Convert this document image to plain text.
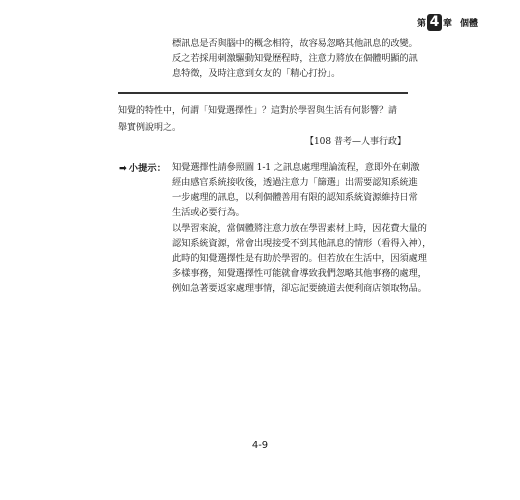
第 4 章 個體
標訊息是否與腦中的概念相符，故容易忽略其他訊息的改變。
反之若採用刺激驅動知覺歷程時，注意力將放在個體明顯的訊
息特徵，及時注意到女友的「精心打扮」。
知覺的特性中，何謂「知覺選擇性」？這對於學習與生活有何影響？請
舉實例說明之。
【108 普考—人事行政】
➡ 小提示： 知覺選擇性請參照圖 1-1 之訊息處理理論流程，意即外在刺激
經由感官系統接收後，透過注意力「篩選」出需要認知系統進
一步處理的訊息，以利個體善用有限的認知系統資源維持日常
生活或必要行為。
以學習來說，當個體將注意力放在學習素材上時，因花費大量的
認知系統資源，常會出現接受不到其他訊息的情形（看得入神），
此時的知覺選擇性是有助於學習的。但若放在生活中，因須處理
多樣事務，知覺選擇性可能就會導致我們忽略其他事務的處理，
例如急著要返家處理事情，卻忘記要繞道去便利商店領取物品。
4-9
